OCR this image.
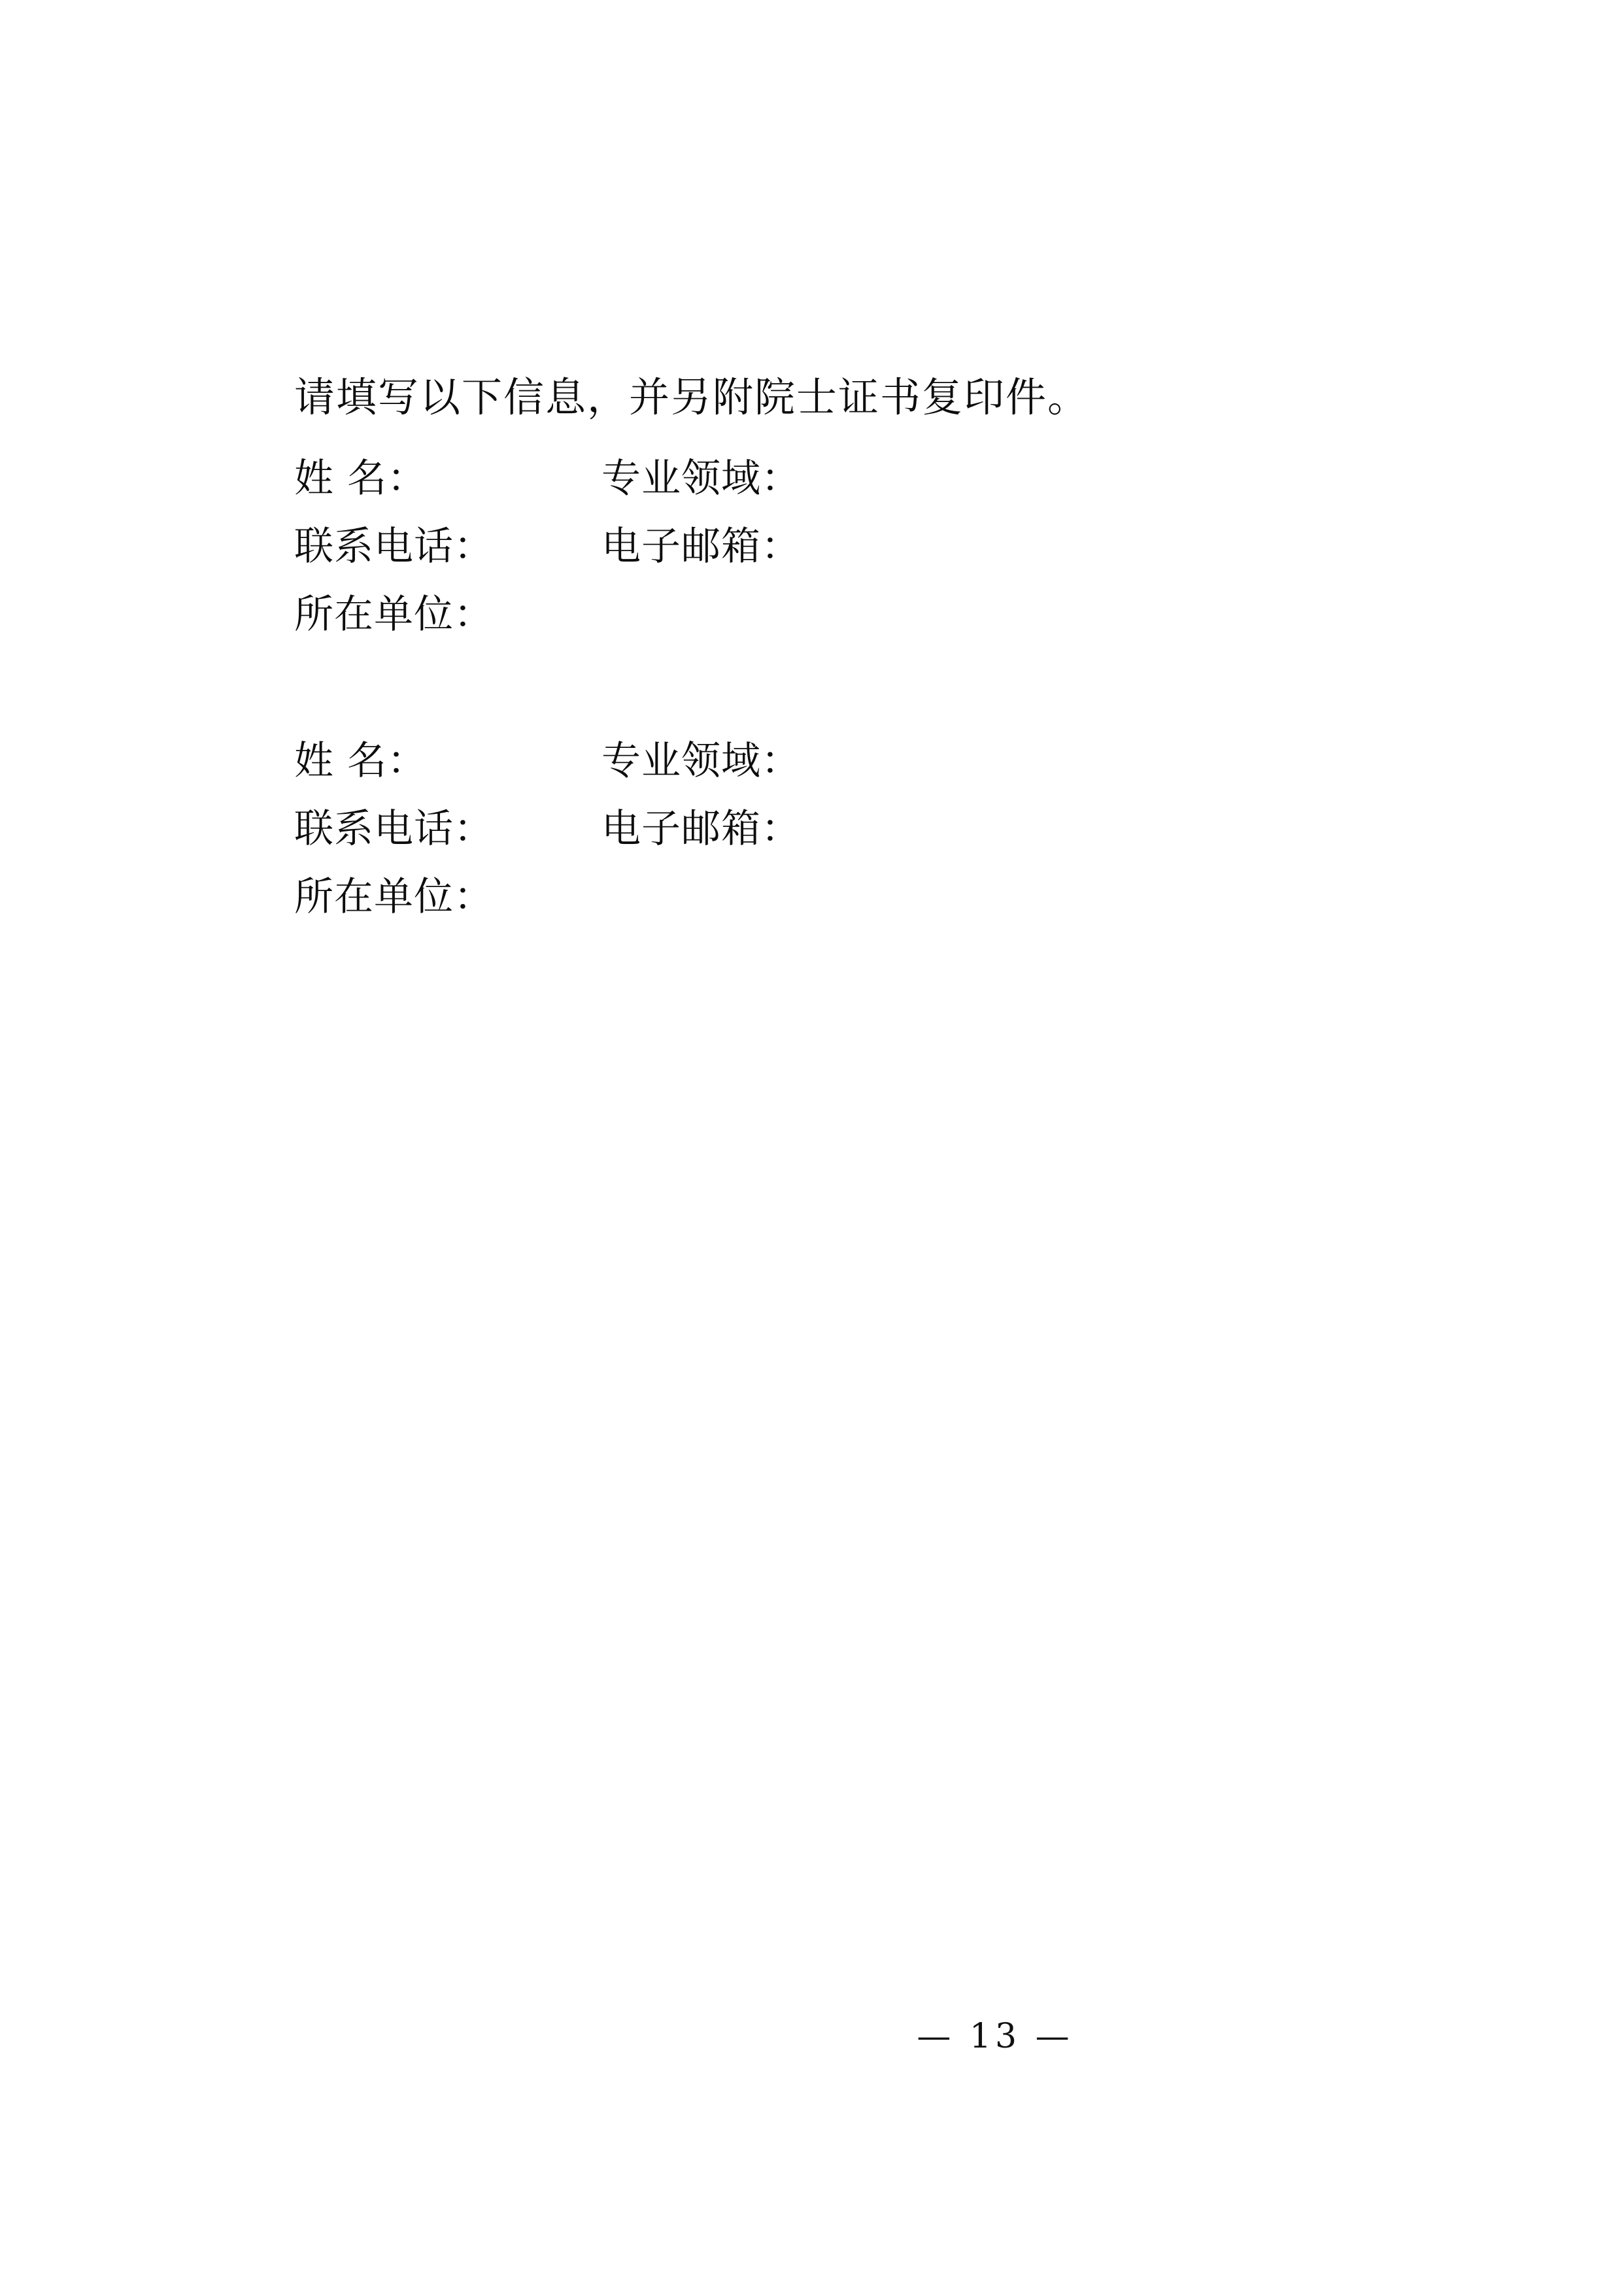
请填写以下信息，并另附院士证书复印件。
姓 名：	专业领域：
联系电话：	电子邮箱：
所在单位：
姓 名：	专业领域：
联系电话：	电子邮箱：
所在单位：
— 13 —
